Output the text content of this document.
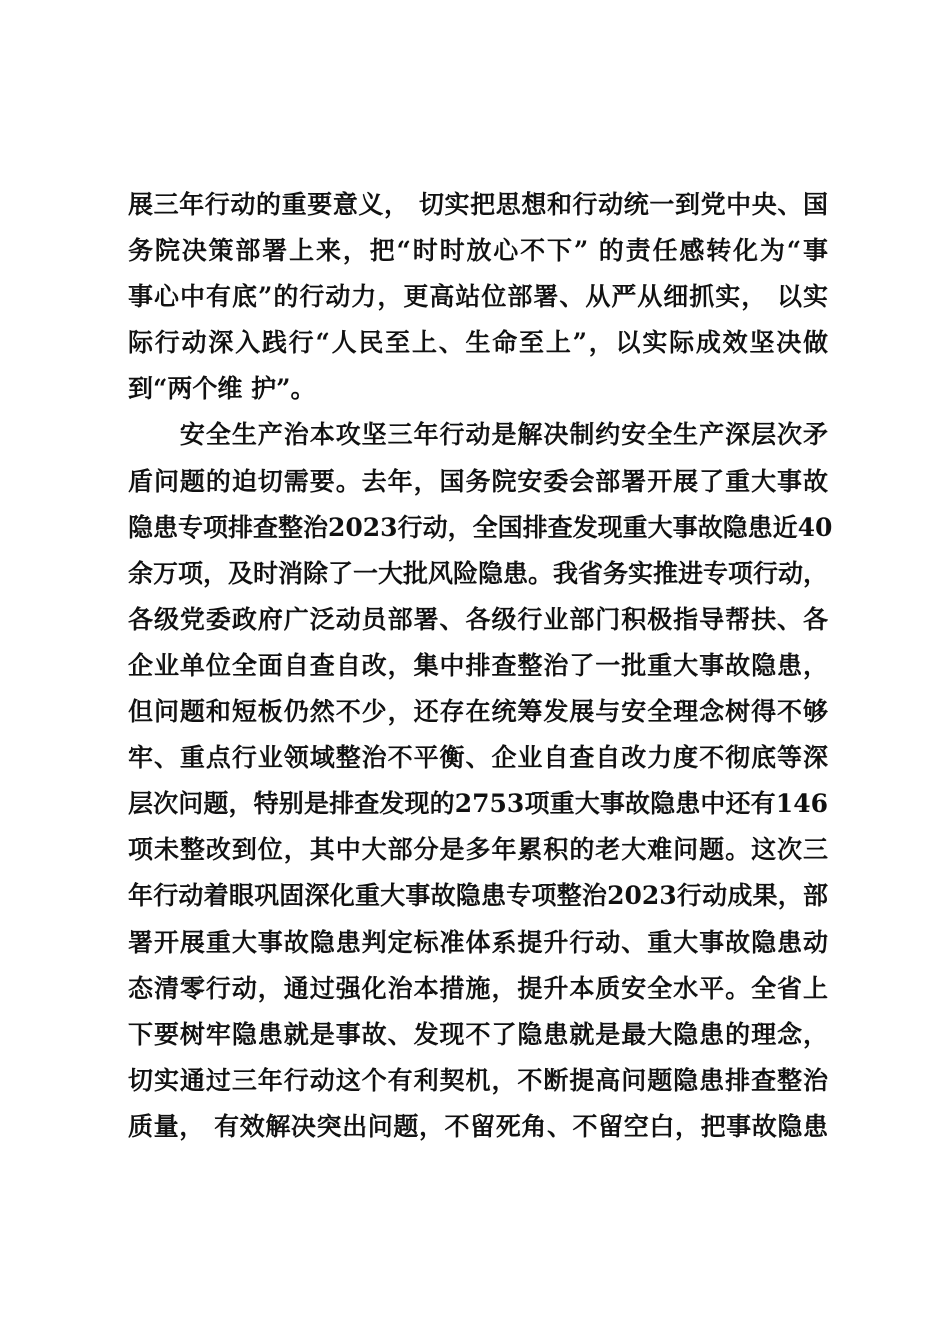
展三年行动的重要意义， 切实把思想和行动统一到党中央、国
务院决策部署上来，把“时时放心不下” 的责任感转化为“事
事心中有底”的行动力，更高站位部署、从严从细抓实， 以实
际行动深入践行“人民至上、生命至上”，以实际成效坚决做
到“两个维 护”。
　　安全生产治本攻坚三年行动是解决制约安全生产深层次矛
盾问题的迫切需要。去年，国务院安委会部署开展了重大事故
隐患专项排查整治2023行动，全国排查发现重大事故隐患近40
余万项，及时消除了一大批风险隐患。我省务实推进专项行动，
各级党委政府广泛动员部署、各级行业部门积极指导帮扶、各
企业单位全面自查自改，集中排查整治了一批重大事故隐患，
但问题和短板仍然不少，还存在统筹发展与安全理念树得不够
牢、重点行业领域整治不平衡、企业自查自改力度不彻底等深
层次问题，特别是排查发现的2753项重大事故隐患中还有146
项未整改到位，其中大部分是多年累积的老大难问题。这次三
年行动着眼巩固深化重大事故隐患专项整治2023行动成果，部
署开展重大事故隐患判定标准体系提升行动、重大事故隐患动
态清零行动，通过强化治本措施，提升本质安全水平。全省上
下要树牢隐患就是事故、发现不了隐患就是最大隐患的理念，
切实通过三年行动这个有利契机，不断提高问题隐患排查整治
质量， 有效解决突出问题，不留死角、不留空白，把事故隐患
